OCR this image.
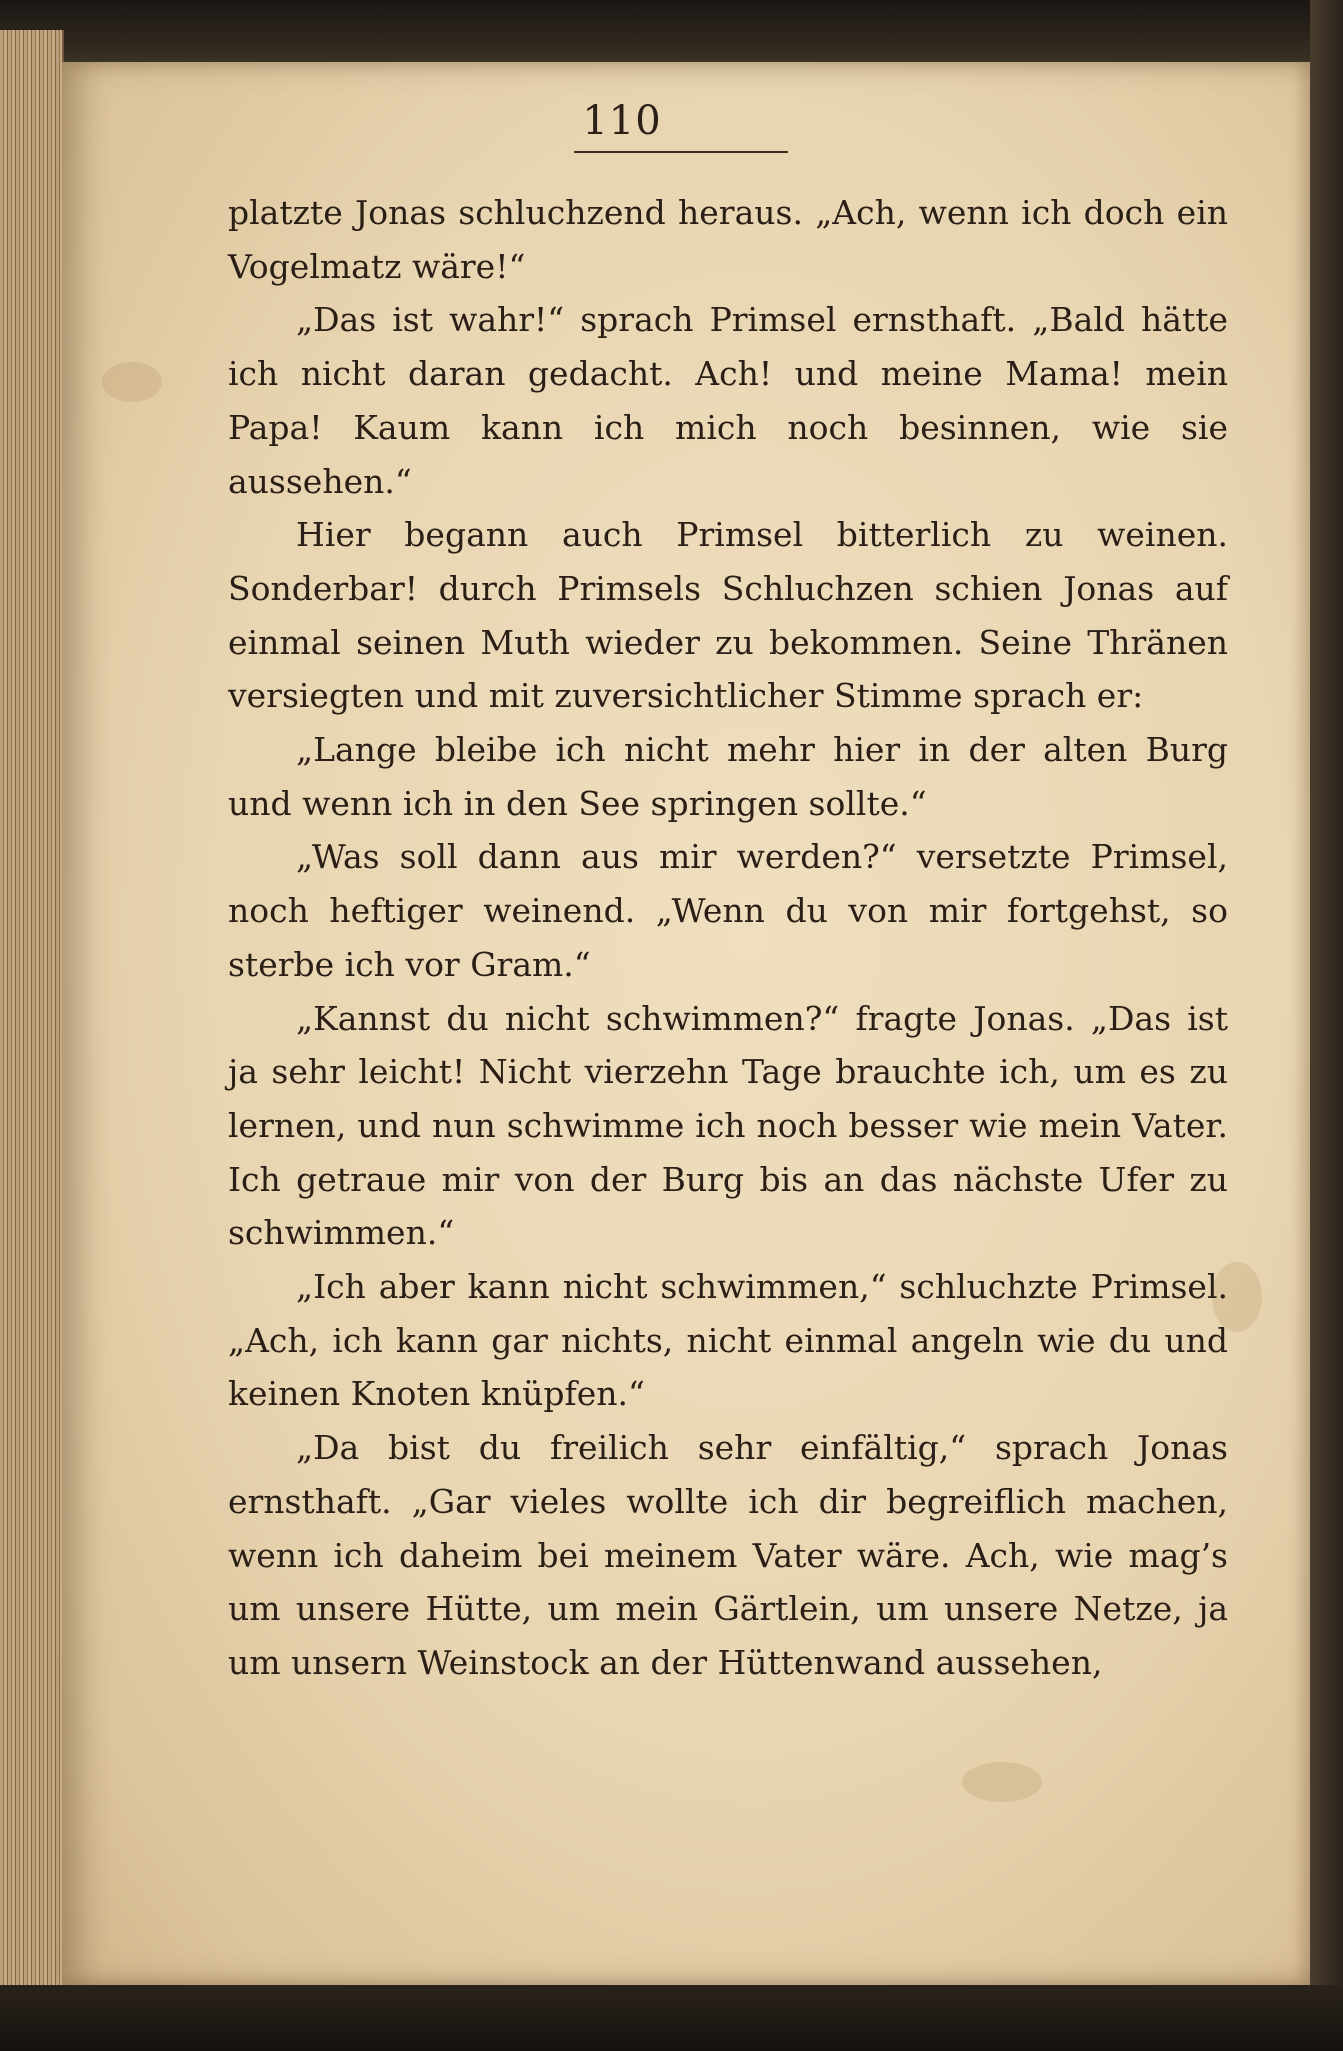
110

platzte Jonas schluchzend heraus. „Ach, wenn ich doch ein Vogelmatz wäre!“

„Das ist wahr!“ sprach Primsel ernsthaft. „Bald hätte ich nicht daran gedacht. Ach! und meine Mama! mein Papa! Kaum kann ich mich noch besinnen, wie sie aussehen.“

Hier begann auch Primsel bitterlich zu weinen. Sonderbar! durch Primsels Schluchzen schien Jonas auf einmal seinen Muth wieder zu bekommen. Seine Thränen versiegten und mit zuversichtlicher Stimme sprach er:

„Lange bleibe ich nicht mehr hier in der alten Burg und wenn ich in den See springen sollte.“

„Was soll dann aus mir werden?“ versetzte Primsel, noch heftiger weinend. „Wenn du von mir fortgehst, so sterbe ich vor Gram.“

„Kannst du nicht schwimmen?“ fragte Jonas. „Das ist ja sehr leicht! Nicht vierzehn Tage brauchte ich, um es zu lernen, und nun schwimme ich noch besser wie mein Vater. Ich getraue mir von der Burg bis an das nächste Ufer zu schwimmen.“

„Ich aber kann nicht schwimmen,“ schluchzte Primsel. „Ach, ich kann gar nichts, nicht einmal angeln wie du und keinen Knoten knüpfen.“

„Da bist du freilich sehr einfältig,“ sprach Jonas ernsthaft. „Gar vieles wollte ich dir begreiflich machen, wenn ich daheim bei meinem Vater wäre. Ach, wie mag’s um unsere Hütte, um mein Gärtlein, um unsere Netze, ja um unsern Weinstock an der Hüttenwand aussehen,
